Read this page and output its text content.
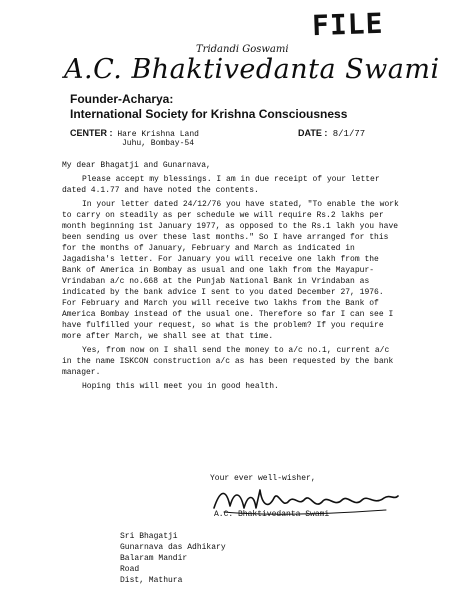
FILE
Tridandi Goswami
A.C. Bhaktivedanta Swami
Founder-Acharya:
International Society for Krishna Consciousness
CENTER : Hare Krishna Land
Juhu, Bombay-54
DATE : 8/1/77

My dear Bhagatji and Gunarnava,

Please accept my blessings. I am in due receipt of your letter dated 4.1.77 and have noted the contents.

In your letter dated 24/12/76 you have stated, "To enable the work to carry on steadily as per schedule we will require Rs.2 lakhs per month beginning 1st January 1977, as opposed to the Rs.1 lakh you have been sending us over these last months." So I have arranged for this for the months of January, February and March as indicated in Jagadisha's letter. For January you will receive one lakh from the Bank of America in Bombay as usual and one lakh from the Mayapur-Vrindaban a/c no.668 at the Punjab National Bank in Vrindaban as indicated by the bank advice I sent to you dated December 27, 1976. For February and March you will receive two lakhs from the Bank of America Bombay instead of the usual one. Therefore so far I can see I have fulfilled your request, so what is the problem? If you require more after March, we shall see at that time.

Yes, from now on I shall send the money to a/c no.1, current a/c in the name ISKCON construction a/c as has been requested by the bank manager.

Hoping this will meet you in good health.

Your ever well-wisher,
A.C. Bhaktivedanta Swami
Sri Bhagatji
Gunarnava das Adhikary
Balaram Mandir
Road
Dist, Mathura
